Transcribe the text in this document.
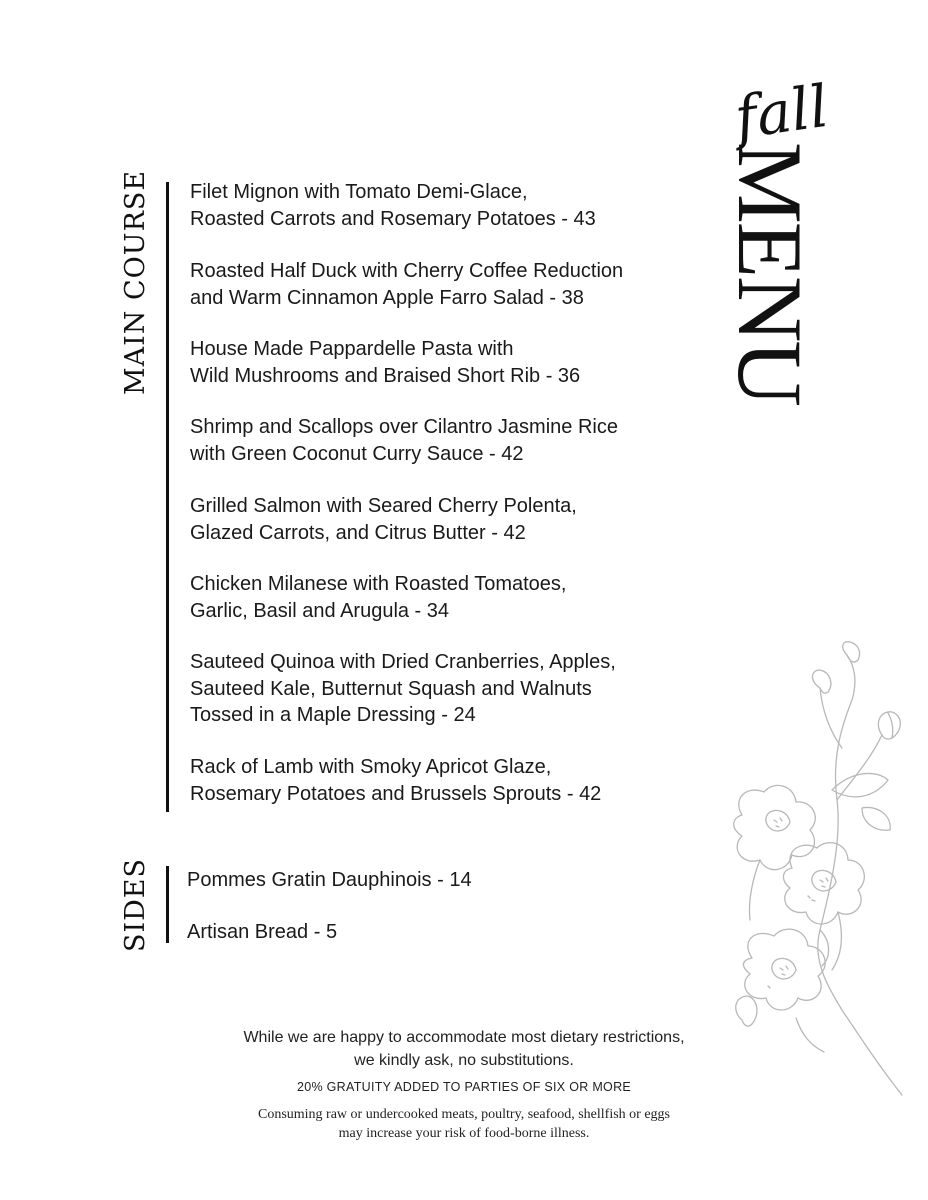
fall
MENU
MAIN COURSE Filet Mignon with Tomato Demi-Glace,
Roasted Carrots and Rosemary Potatoes - 43
Roasted Half Duck with Cherry Coffee Reduction
and Warm Cinnamon Apple Farro Salad - 38
House Made Pappardelle Pasta with
Wild Mushrooms and Braised Short Rib - 36
Shrimp and Scallops over Cilantro Jasmine Rice
with Green Coconut Curry Sauce - 42
Grilled Salmon with Seared Cherry Polenta,
Glazed Carrots, and Citrus Butter - 42
Chicken Milanese with Roasted Tomatoes,
Garlic, Basil and Arugula - 34
Sauteed Quinoa with Dried Cranberries, Apples,
Sauteed Kale, Butternut Squash and Walnuts
Tossed in a Maple Dressing - 24
Rack of Lamb with Smoky Apricot Glaze,
Rosemary Potatoes and Brussels Sprouts - 42
SIDES Pommes Gratin Dauphinois - 14
Artisan Bread - 5
While we are happy to accommodate most dietary restrictions,
we kindly ask, no substitutions.
20% GRATUITY ADDED TO PARTIES OF SIX OR MORE
Consuming raw or undercooked meats, poultry, seafood, shellfish or eggs
may increase your risk of food-borne illness.
